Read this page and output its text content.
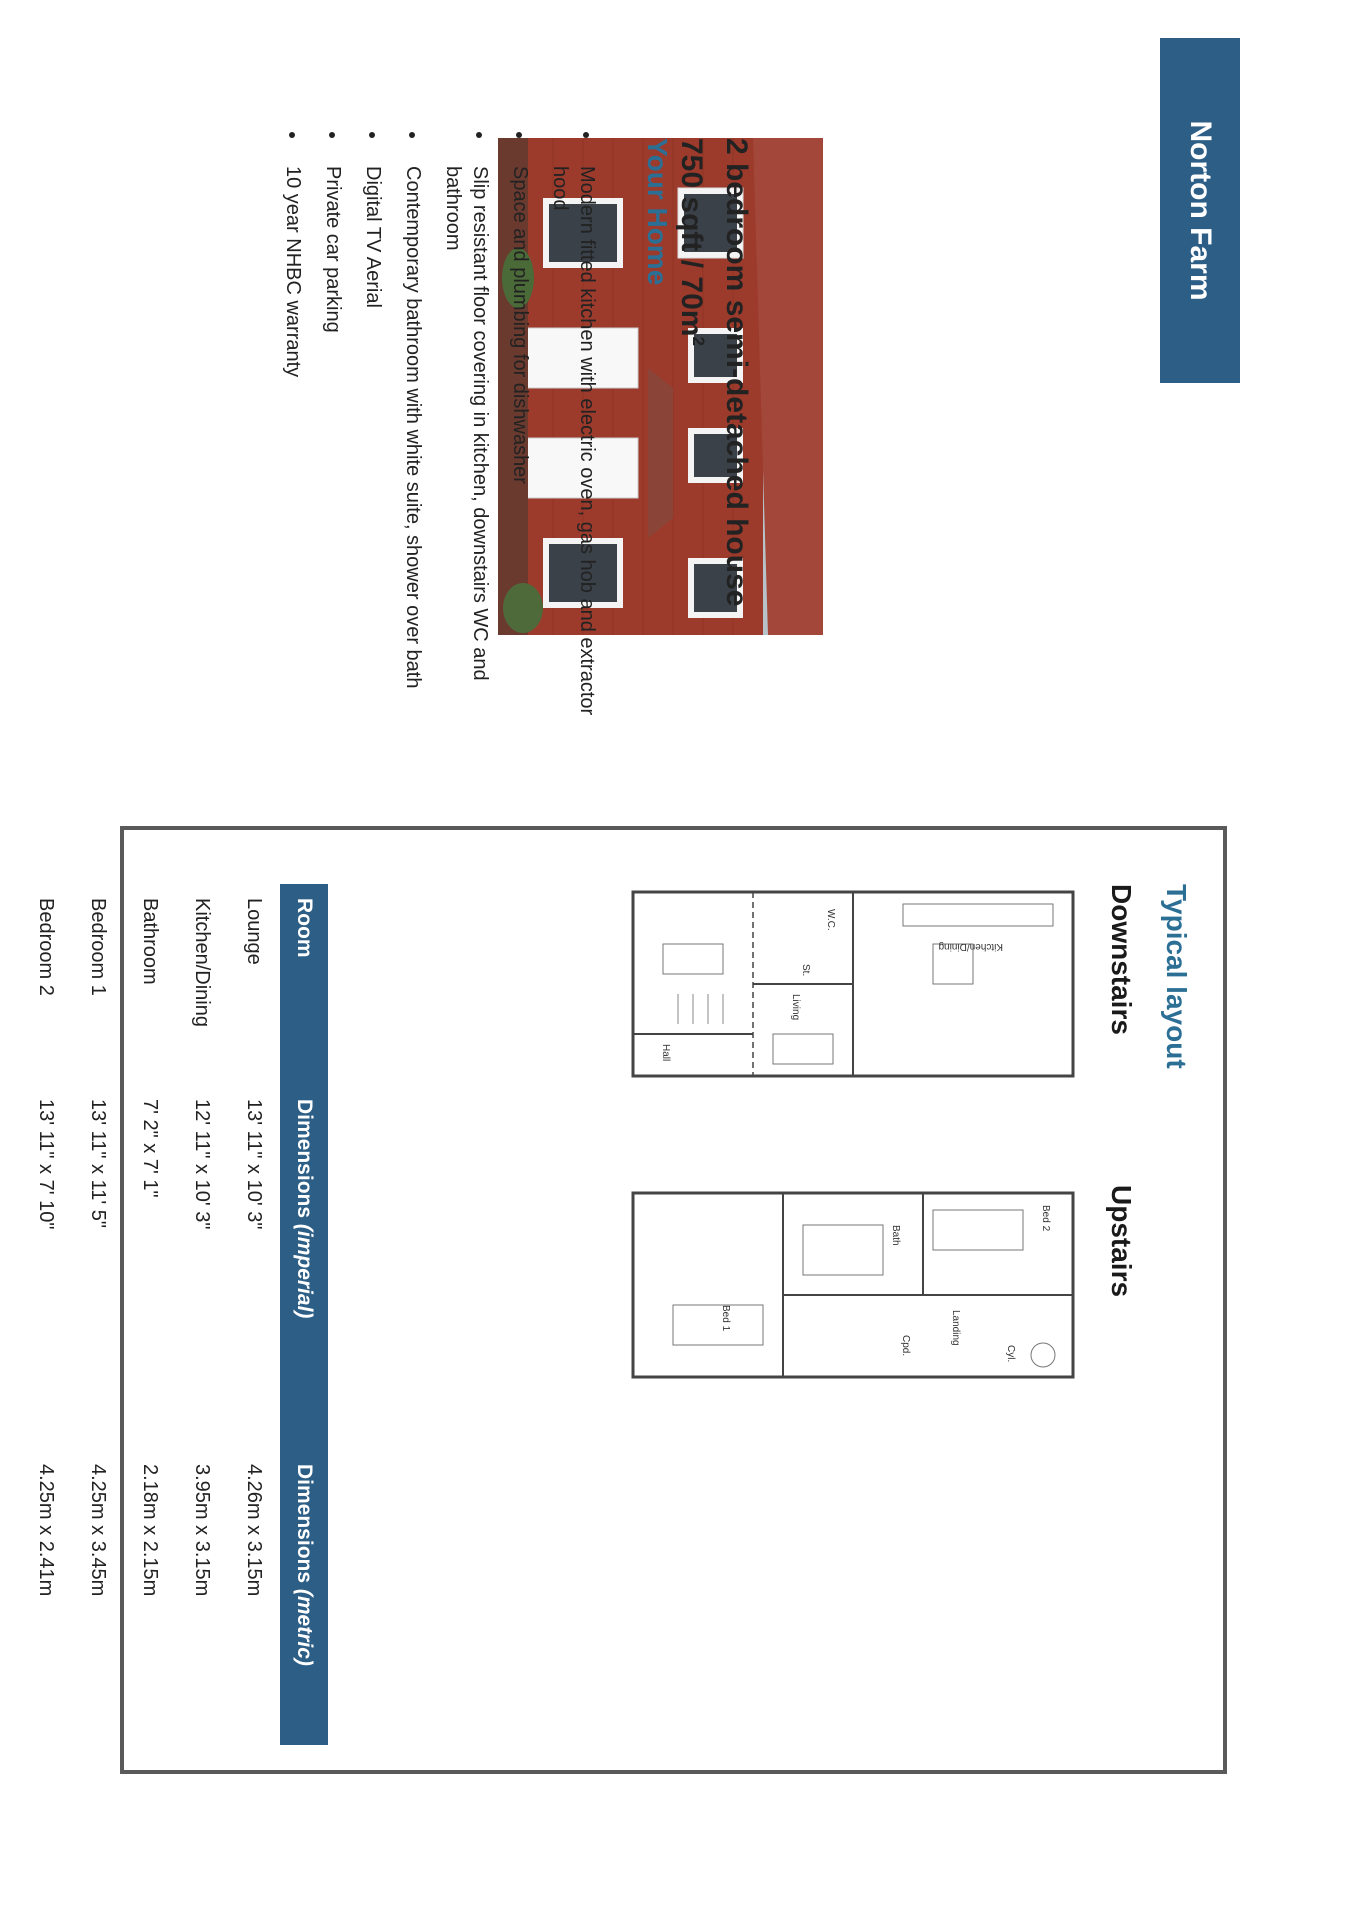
Norton Farm
2 bedroom semi-detached house
750 sqft / $70m^2$
Your Home
• Modern fitted kitchen with electric oven, gas hob and extractor hood
• Space and plumbing for dishwasher
• Slip resistant floor covering in kitchen, downstairs WC and bathroom
• Contemporary bathroom with white suite, shower over bath
• Digital TV Aerial
• Private car parking
• 10 year NHBC warranty
Typical layout
Downstairs
Upstairs
Kitchen/Dining
W.C.
St.
Living
Hall
Bed 2
Bath
Landing
Cyl.
Cpd.
Bed 1
Room	Dimensions (imperial)	Dimensions (metric)
Lounge	13' 11" x 10' 3"	4.26m x 3.15m
Kitchen/Dining	12' 11" x 10' 3"	3.95m x 3.15m
Bathroom	7' 2" x 7' 1"	2.18m x 2.15m
Bedroom 1	13' 11" x 11' 5"	4.25m x 3.45m
Bedroom 2	13' 11" x 7' 10"	4.25m x 2.41m
